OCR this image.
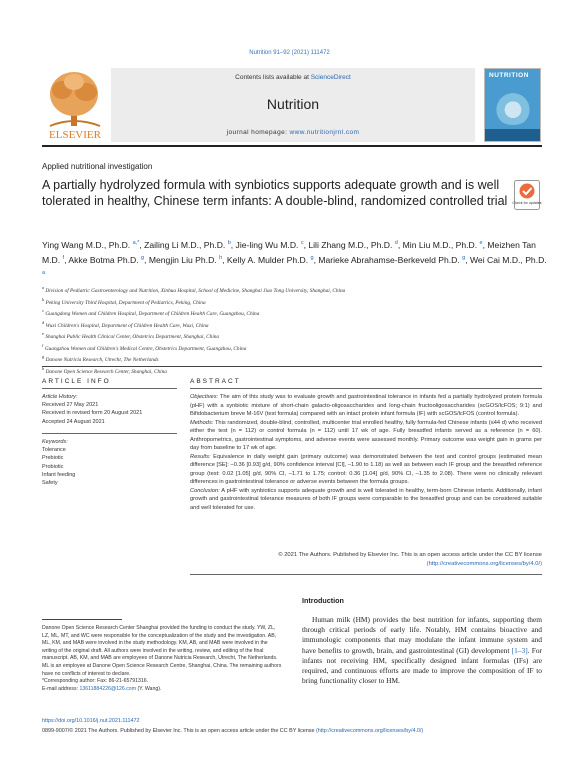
Nutrition 91–92 (2021) 111472
ELSEVIER
Contents lists available at ScienceDirect
Nutrition
journal homepage: www.nutritionjrnl.com
NUTRITION
Applied nutritional investigation
A partially hydrolyzed formula with synbiotics supports adequate growth and is well tolerated in healthy, Chinese term infants: A double-blind, randomized controlled trial	Check for updates
Ying Wang M.D., Ph.D. $^{a,*}$, Zailing Li M.D., Ph.D. $^b$, Jie-ling Wu M.D. $^c$, Lili Zhang M.D., Ph.D. $^d$, Min Liu M.D., Ph.D. $^e$, Meizhen Tan M.D. $^f$, Akke Botma Ph.D. $^g$, Mengjin Liu Ph.D. $^h$, Kelly A. Mulder Ph.D. $^g$, Marieke Abrahamse-Berkeveld Ph.D. $^g$, Wei Cai M.D., Ph.D. $^a$
$^a$ Division of Pediatric Gastroenterology and Nutrition, Xinhua Hospital, School of Medicine, Shanghai Jiao Tong University, Shanghai, China
$^b$ Peking University Third Hospital, Department of Pediatrics, Peking, China
$^c$ Guangdong Women and Children Hospital, Department of Children Health Care, Guangzhou, China
$^d$ Wuxi Children's Hospital, Department of Children Health Care, Wuxi, China
$^e$ Shanghai Public Health Clinical Center, Obstetrics Department, Shanghai, China
$^f$ Guangzhou Women and Children's Medical Centre, Obstetrics Department, Guangzhou, China
$^g$ Danone Nutricia Research, Utrecht, The Netherlands
$^h$ Danone Open Science Research Center, Shanghai, China
ARTICLE INFO
Article History:
Received 27 May 2021
Received in revised form 20 August 2021
Accepted 24 August 2021
Keywords:
Tolerance
Prebiotic
Probiotic
Infant feeding
Safety
ABSTRACT

Objectives: The aim of this study was to evaluate growth and gastrointestinal tolerance in infants fed a partially hydrolyzed protein formula (pHF) with a synbiotic mixture of short-chain galacto-oligosaccharides and long-chain fructooligosaccharides (scGOS/lcFOS; 9:1) and Bifidobacterium breve M-16V (test formula) compared with an intact protein infant formula (IF) with scGOS/lcFOS (control formula).

Methods: This randomized, double-blind, controlled, multicenter trial enrolled healthy, fully formula-fed Chinese infants (≤44 d) who received either the test (n = 112) or control formula (n = 112) until 17 wk of age. Fully breastfed infants served as a reference (n = 60). Anthropometrics, gastrointestinal symptoms, and adverse events were assessed monthly. Primary outcome was weight gain in grams per day from baseline to 17 wk of age.

Results: Equivalence in daily weight gain (primary outcome) was demonstrated between the test and control groups (estimated mean difference [SE]: –0.36 [0.93] g/d, 90% confidence interval [CI], –1.90 to 1.18) as well as between each IF group and the breastfed reference group (test: 0.02 [1.05] g/d, 90% CI, –1.71 to 1.75; control: 0.36 [1.04] g/d, 90% CI, –1.35 to 2.08). There were no clinically relevant differences in gastrointestinal tolerance or adverse events between the formula groups.

Conclusion: A pHF with synbiotics supports adequate growth and is well tolerated in healthy, term-born Chinese infants. Additionally, infant growth and gastrointestinal tolerance measures of both IF groups were comparable to the breastfed group and can be considered suitable and well tolerated for use.

© 2021 The Authors. Published by Elsevier Inc. This is an open access article under the CC BY license
(http://creativecommons.org/licenses/by/4.0/)
Introduction
Human milk (HM) provides the best nutrition for infants, supporting them through critical periods of early life. Notably, HM contains bioactive and immunologic components that may modulate the infant immune system and have benefits to growth, brain, and gastrointestinal (GI) development [1–3]. For infants not receiving HM, specifically designed infant formulas (IFs) are required, and continuous efforts are made to improve the composition of IF to bring functionality closer to HM.

Danone Open Science Research Center Shanghai provided the funding to conduct the study. YW, ZL, LZ, ML, MT, and WC were responsible for the conceptualization of the study and the investigation. AB, ML, KM, and MAB were involved in the study methodology. KM, AB, and MAB were involved in the writing of the original draft. All authors were involved in the writing, review, and editing of the final manuscript. AB, KM, and MAB are employees of Danone Nutricia Research, Utrecht, The Netherlands. ML is an employee at Danone Open Science Research Centre, Shanghai, China. The remaining authors have no conflicts of interest to declare.

*Corresponding author: Fax: 86-21-65791316.

E-mail address: 13611884226@126.com (Y. Wang).

https://doi.org/10.1016/j.nut.2021.111472
0899-9007/© 2021 The Authors. Published by Elsevier Inc. This is an open access article under the CC BY license (http://creativecommons.org/licenses/by/4.0/)
